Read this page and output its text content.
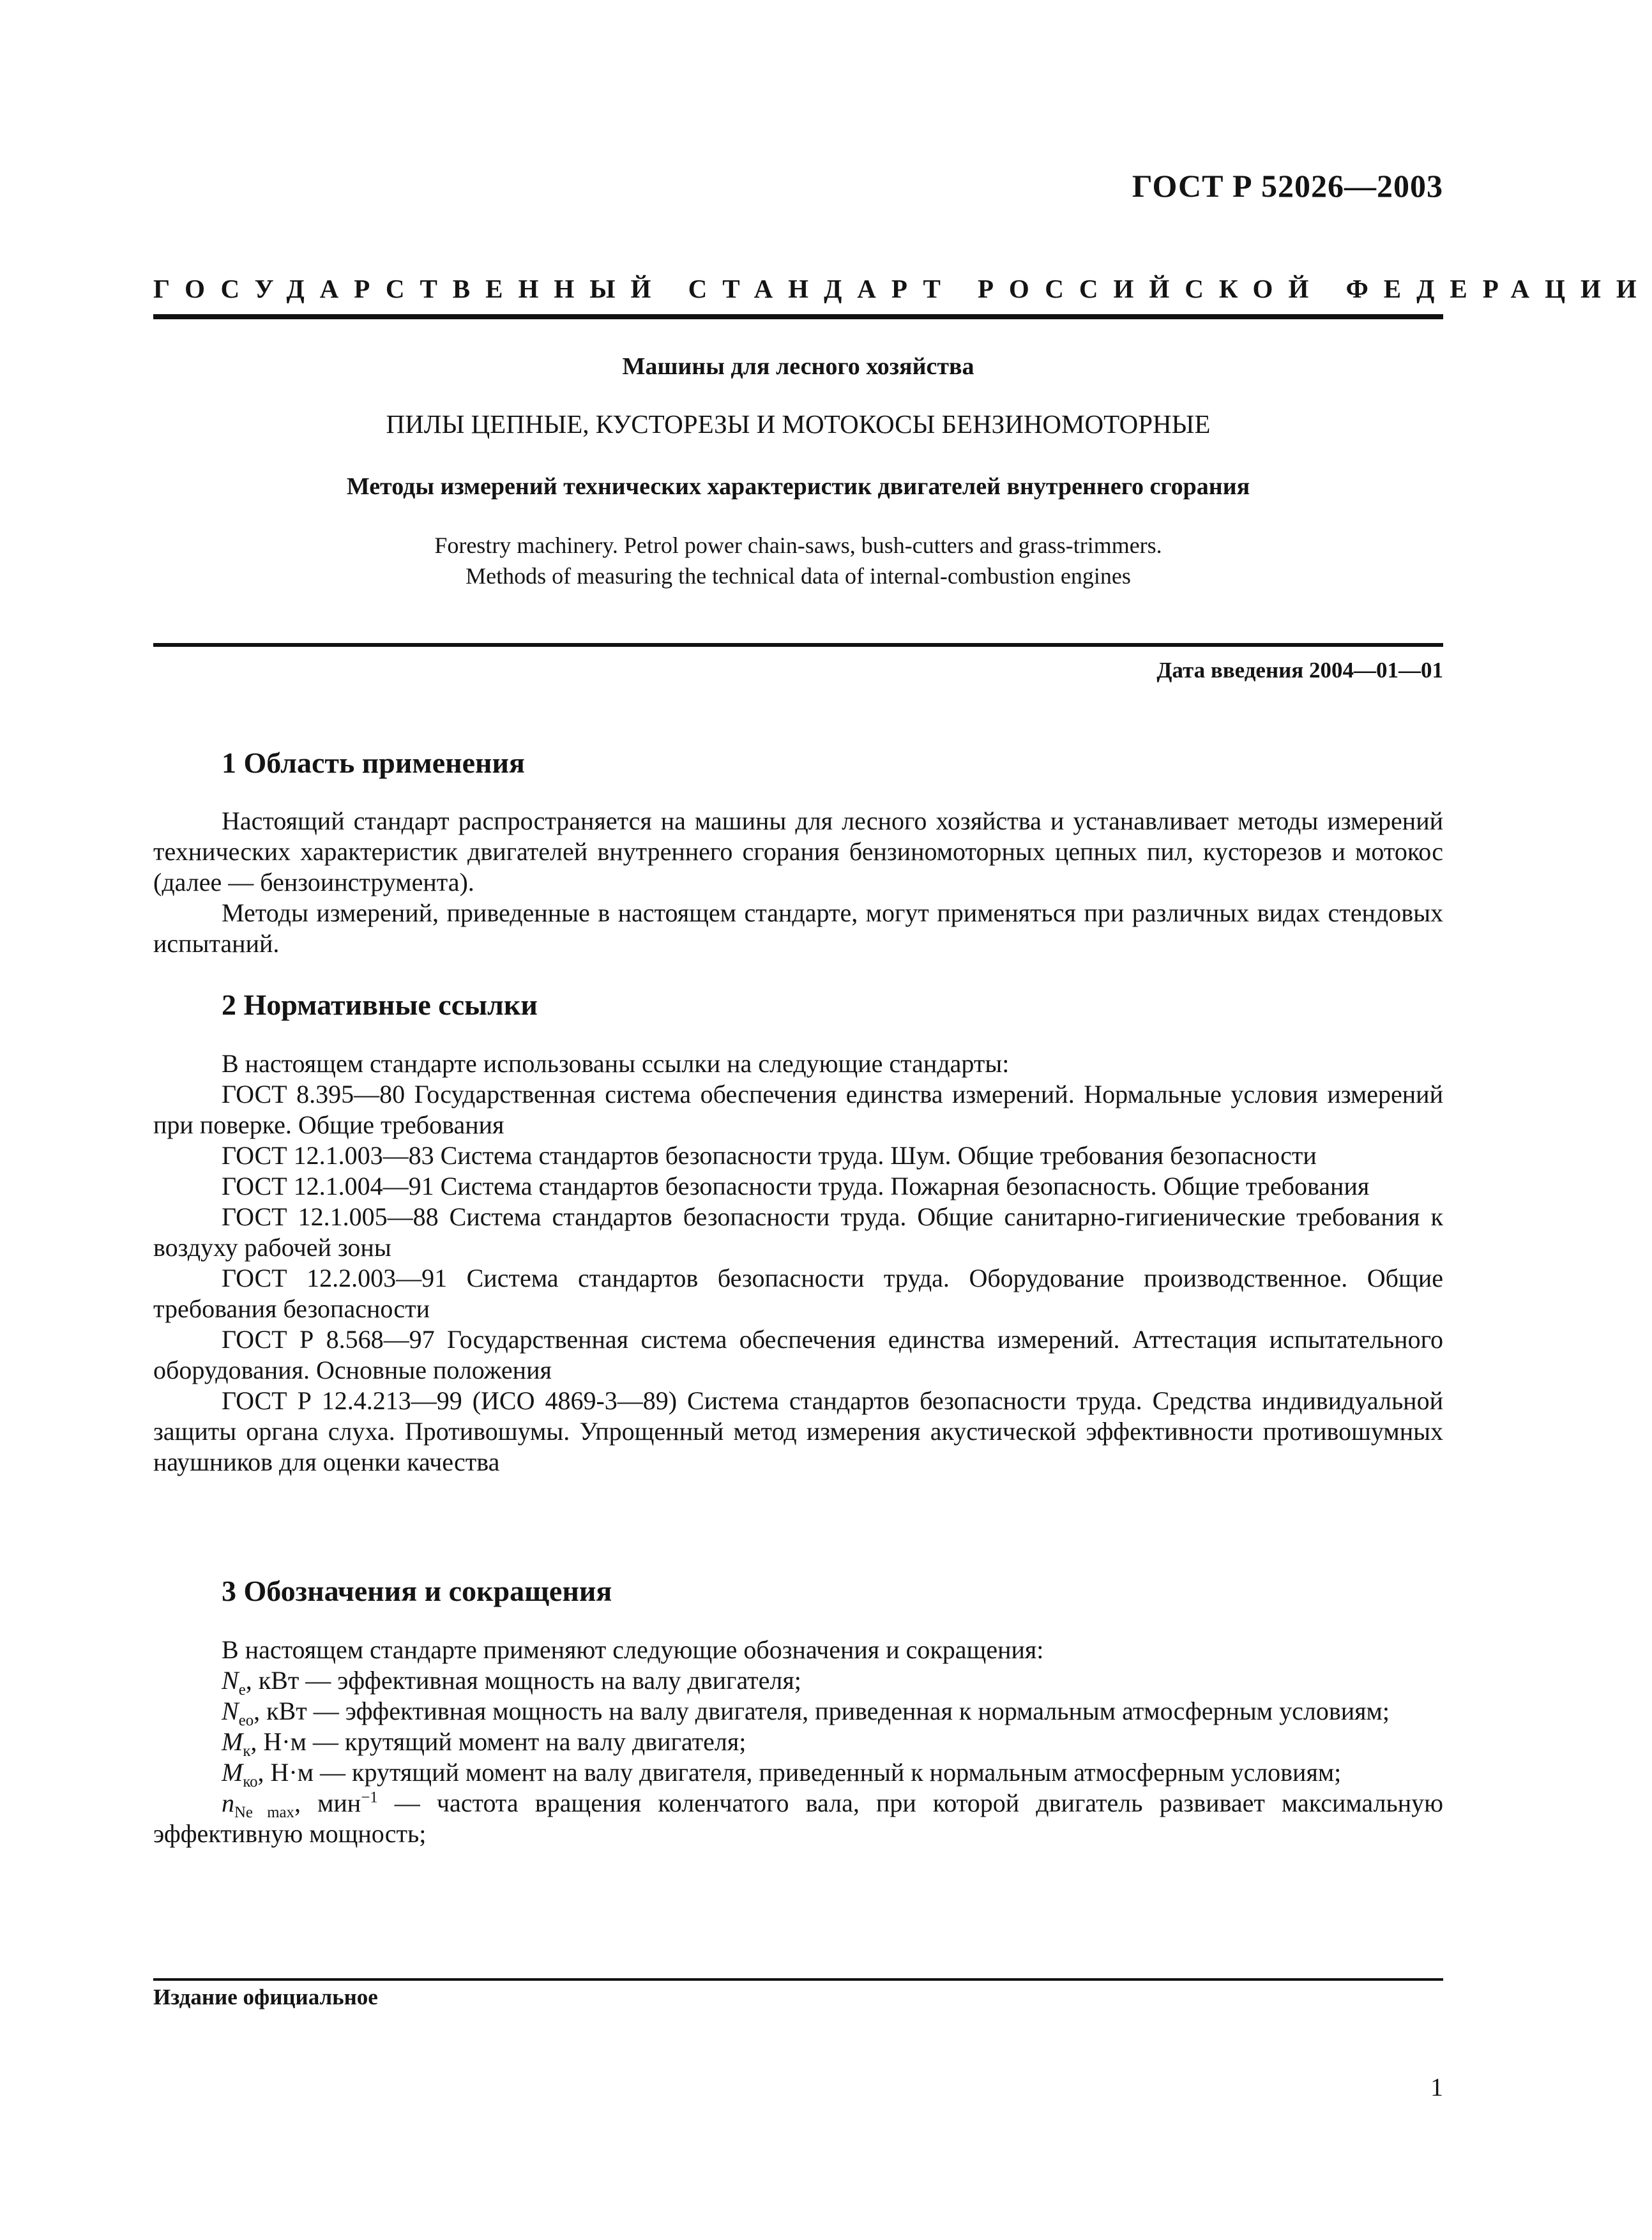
ГОСТ Р 52026—2003
ГОСУДАРСТВЕННЫЙ СТАНДАРТ РОССИЙСКОЙ ФЕДЕРАЦИИ
Машины для лесного хозяйства
ПИЛЫ ЦЕПНЫЕ, КУСТОРЕЗЫ И МОТОКОСЫ БЕНЗИНОМОТОРНЫЕ
Методы измерений технических характеристик двигателей внутреннего сгорания
Forestry machinery. Petrol power chain-saws, bush-cutters and grass-trimmers.
Methods of measuring the technical data of internal-combustion engines
Дата введения 2004—01—01
1 Область применения

Настоящий стандарт распространяется на машины для лесного хозяйства и устанавливает методы измерений технических характеристик двигателей внутреннего сгорания бензиномоторных цепных пил, кусторезов и мотокос (далее — бензоинструмента).

Методы измерений, приведенные в настоящем стандарте, могут применяться при различных видах стендовых испытаний.

2 Нормативные ссылки

В настоящем стандарте использованы ссылки на следующие стандарты:

ГОСТ 8.395—80 Государственная система обеспечения единства измерений. Нормальные условия измерений при поверке. Общие требования

ГОСТ 12.1.003—83 Система стандартов безопасности труда. Шум. Общие требования безопасности

ГОСТ 12.1.004—91 Система стандартов безопасности труда. Пожарная безопасность. Общие требования

ГОСТ 12.1.005—88 Система стандартов безопасности труда. Общие санитарно-гигиенические требования к воздуху рабочей зоны

ГОСТ 12.2.003—91 Система стандартов безопасности труда. Оборудование производственное. Общие требования безопасности

ГОСТ Р 8.568—97 Государственная система обеспечения единства измерений. Аттестация испытательного оборудования. Основные положения

ГОСТ Р 12.4.213—99 (ИСО 4869-3—89) Система стандартов безопасности труда. Средства индивидуальной защиты органа слуха. Противошумы. Упрощенный метод измерения акустической эффективности противошумных наушников для оценки качества

3 Обозначения и сокращения

В настоящем стандарте применяют следующие обозначения и сокращения:

$N_e$, кВт — эффективная мощность на валу двигателя;

$N_{eo}$, кВт — эффективная мощность на валу двигателя, приведенная к нормальным атмосферным условиям;

$M_к$, Н·м — крутящий момент на валу двигателя;

$M_{ко}$, Н·м — крутящий момент на валу двигателя, приведенный к нормальным атмосферным условиям;

$n_{Ne max}$, мин$^{-1}$ — частота вращения коленчатого вала, при которой двигатель развивает максимальную эффективную мощность;

Издание официальное
1
